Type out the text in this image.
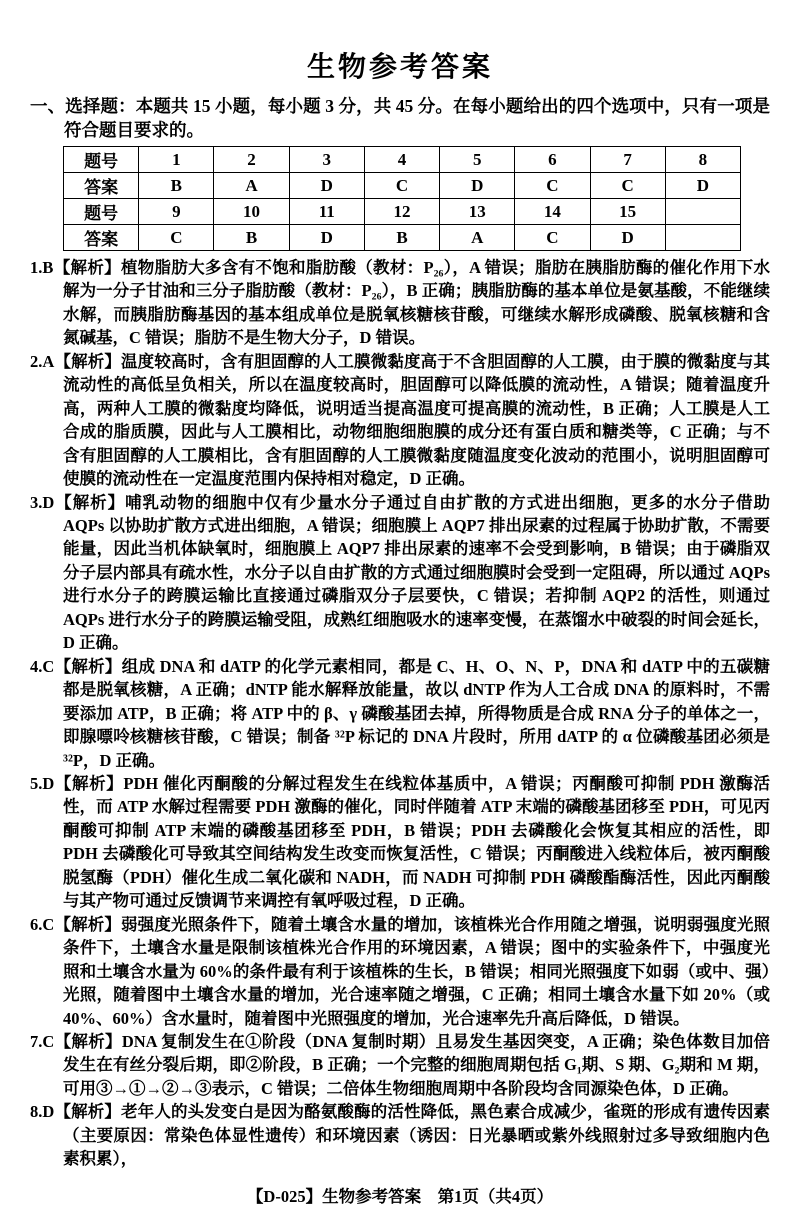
生物参考答案

一、选择题：本题共 15 小题，每小题 3 分，共 45 分。在每小题给出的四个选项中，只有一项是符合题目要求的。

题号	1	2	3	4	5	6	7	8
答案	B	A	D	C	D	C	C	D
题号	9	10	11	12	13	14	15	
答案	C	B	D	B	A	C	D	

1.B【解析】植物脂肪大多含有不饱和脂肪酸（教材：P₂₆），A 错误；脂肪在胰脂肪酶的催化作用下水解为一分子甘油和三分子脂肪酸（教材：P₂₆），B 正确；胰脂肪酶的基本单位是氨基酸，不能继续水解，而胰脂肪酶基因的基本组成单位是脱氧核糖核苷酸，可继续水解形成磷酸、脱氧核糖和含氮碱基，C 错误；脂肪不是生物大分子，D 错误。

2.A【解析】温度较高时，含有胆固醇的人工膜微黏度高于不含胆固醇的人工膜，由于膜的微黏度与其流动性的高低呈负相关，所以在温度较高时，胆固醇可以降低膜的流动性，A 错误；随着温度升高，两种人工膜的微黏度均降低，说明适当提高温度可提高膜的流动性，B 正确；人工膜是人工合成的脂质膜，因此与人工膜相比，动物细胞细胞膜的成分还有蛋白质和糖类等，C 正确；与不含有胆固醇的人工膜相比，含有胆固醇的人工膜微黏度随温度变化波动的范围小，说明胆固醇可使膜的流动性在一定温度范围内保持相对稳定，D 正确。

3.D【解析】哺乳动物的细胞中仅有少量水分子通过自由扩散的方式进出细胞，更多的水分子借助 AQPs 以协助扩散方式进出细胞，A 错误；细胞膜上 AQP7 排出尿素的过程属于协助扩散，不需要能量，因此当机体缺氧时，细胞膜上 AQP7 排出尿素的速率不会受到影响，B 错误；由于磷脂双分子层内部具有疏水性，水分子以自由扩散的方式通过细胞膜时会受到一定阻碍，所以通过 AQPs 进行水分子的跨膜运输比直接通过磷脂双分子层要快，C 错误；若抑制 AQP2 的活性，则通过 AQPs 进行水分子的跨膜运输受阻，成熟红细胞吸水的速率变慢，在蒸馏水中破裂的时间会延长，D 正确。

4.C【解析】组成 DNA 和 dATP 的化学元素相同，都是 C、H、O、N、P，DNA 和 dATP 中的五碳糖都是脱氧核糖，A 正确；dNTP 能水解释放能量，故以 dNTP 作为人工合成 DNA 的原料时，不需要添加 ATP，B 正确；将 ATP 中的 β、γ 磷酸基团去掉，所得物质是合成 RNA 分子的单体之一，即腺嘌呤核糖核苷酸，C 错误；制备 ³²P 标记的 DNA 片段时，所用 dATP 的 α 位磷酸基团必须是 ³²P，D 正确。

5.D【解析】PDH 催化丙酮酸的分解过程发生在线粒体基质中，A 错误；丙酮酸可抑制 PDH 激酶活性，而 ATP 水解过程需要 PDH 激酶的催化，同时伴随着 ATP 末端的磷酸基团移至 PDH，可见丙酮酸可抑制 ATP 末端的磷酸基团移至 PDH，B 错误；PDH 去磷酸化会恢复其相应的活性，即 PDH 去磷酸化可导致其空间结构发生改变而恢复活性，C 错误；丙酮酸进入线粒体后，被丙酮酸脱氢酶（PDH）催化生成二氧化碳和 NADH，而 NADH 可抑制 PDH 磷酸酯酶活性，因此丙酮酸与其产物可通过反馈调节来调控有氧呼吸过程，D 正确。

6.C【解析】弱强度光照条件下，随着土壤含水量的增加，该植株光合作用随之增强，说明弱强度光照条件下，土壤含水量是限制该植株光合作用的环境因素，A 错误；图中的实验条件下，中强度光照和土壤含水量为 60%的条件最有利于该植株的生长，B 错误；相同光照强度下如弱（或中、强）光照，随着图中土壤含水量的增加，光合速率随之增强，C 正确；相同土壤含水量下如 20%（或 40%、60%）含水量时，随着图中光照强度的增加，光合速率先升高后降低，D 错误。

7.C【解析】DNA 复制发生在①阶段（DNA 复制时期）且易发生基因突变，A 正确；染色体数目加倍发生在有丝分裂后期，即②阶段，B 正确；一个完整的细胞周期包括 G₁期、S 期、G₂期和 M 期，可用③→①→②→③表示，C 错误；二倍体生物细胞周期中各阶段均含同源染色体，D 正确。

8.D【解析】老年人的头发变白是因为酪氨酸酶的活性降低，黑色素合成减少，雀斑的形成有遗传因素（主要原因：常染色体显性遗传）和环境因素（诱因：日光暴晒或紫外线照射过多导致细胞内色素积累），

【D-025】生物参考答案　第1页（共4页）
